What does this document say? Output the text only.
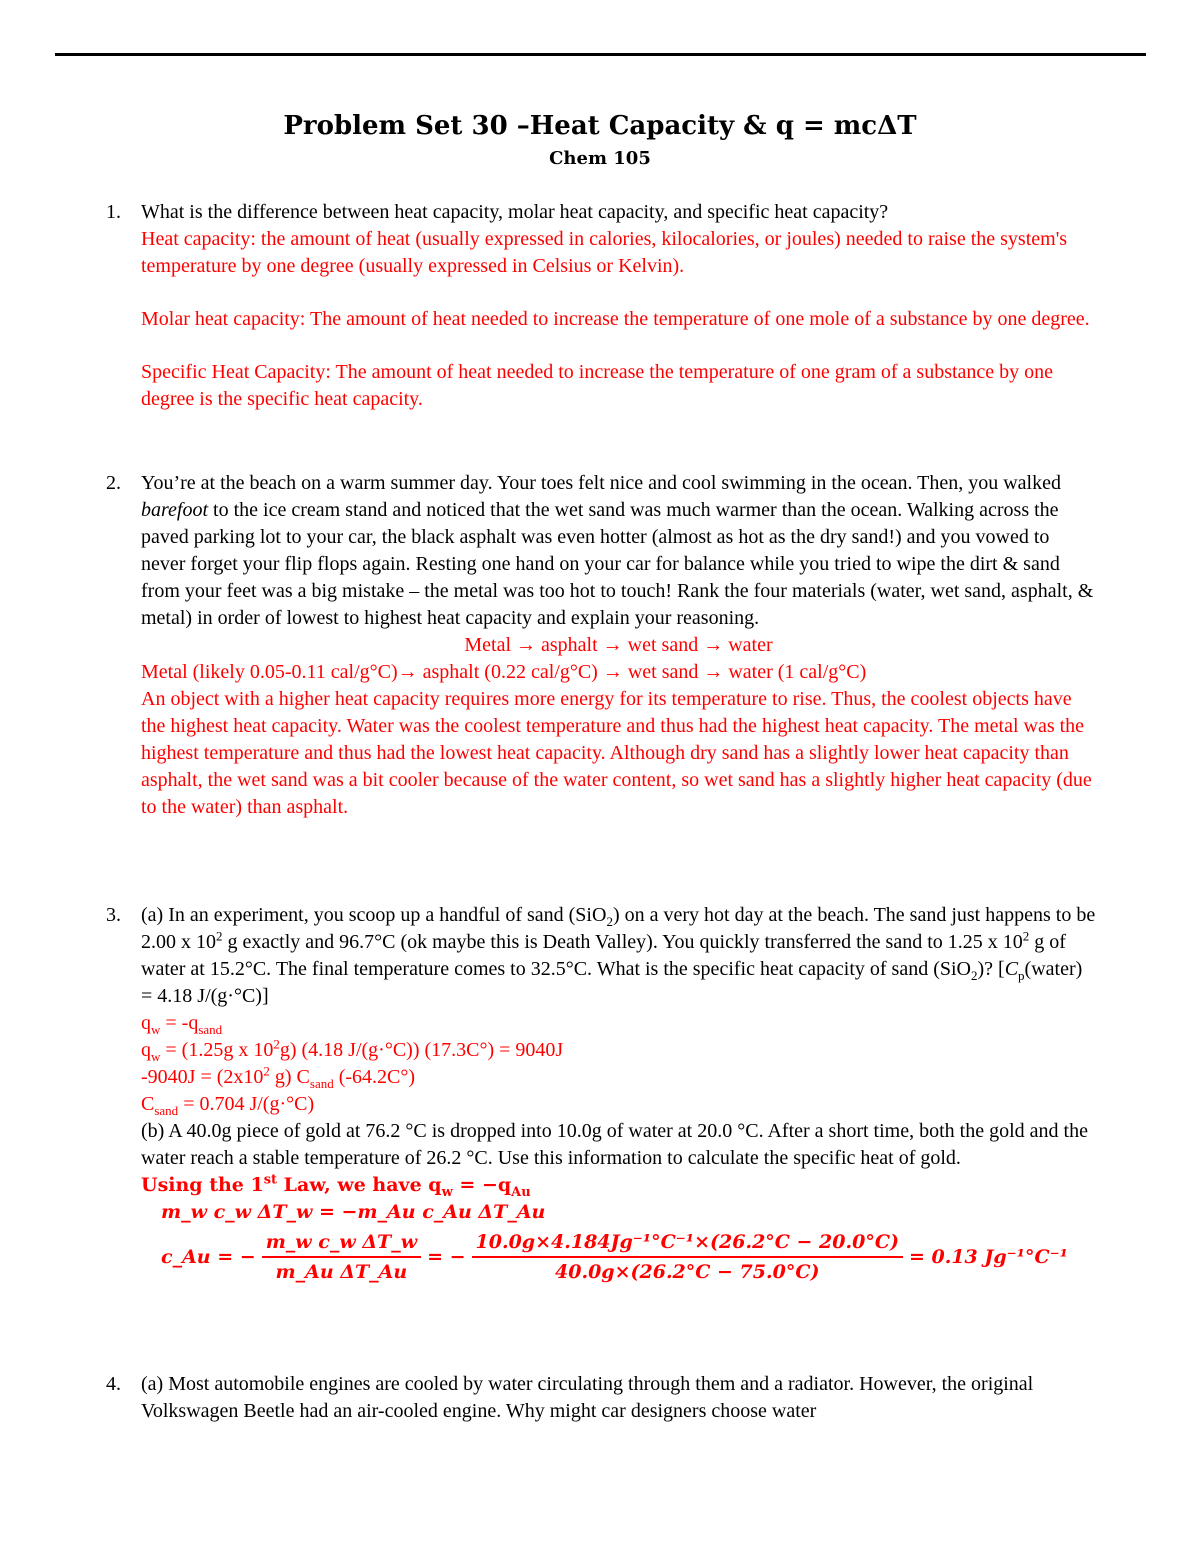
Problem Set 30 –Heat Capacity & q = mcΔT
Chem 105
1.	What is the difference between heat capacity, molar heat capacity, and specific heat capacity?
Heat capacity: the amount of heat (usually expressed in calories, kilocalories, or joules) needed to raise the system's temperature by one degree (usually expressed in Celsius or Kelvin).
Molar heat capacity: The amount of heat needed to increase the temperature of one mole of a substance by one degree.
Specific Heat Capacity: The amount of heat needed to increase the temperature of one gram of a substance by one degree is the specific heat capacity.
2.	You’re at the beach on a warm summer day. Your toes felt nice and cool swimming in the ocean. Then, you walked barefoot to the ice cream stand and noticed that the wet sand was much warmer than the ocean. Walking across the paved parking lot to your car, the black asphalt was even hotter (almost as hot as the dry sand!) and you vowed to never forget your flip flops again. Resting one hand on your car for balance while you tried to wipe the dirt & sand from your feet was a big mistake – the metal was too hot to touch! Rank the four materials (water, wet sand, asphalt, & metal) in order of lowest to highest heat capacity and explain your reasoning.
Metal → asphalt → wet sand → water
Metal (likely 0.05-0.11 cal/g°C)→ asphalt (0.22 cal/g°C) → wet sand → water (1 cal/g°C)
An object with a higher heat capacity requires more energy for its temperature to rise. Thus, the coolest objects have the highest heat capacity. Water was the coolest temperature and thus had the highest heat capacity. The metal was the highest temperature and thus had the lowest heat capacity. Although dry sand has a slightly lower heat capacity than asphalt, the wet sand was a bit cooler because of the water content, so wet sand has a slightly higher heat capacity (due to the water) than asphalt.
3.	(a) In an experiment, you scoop up a handful of sand (SiO$_2$) on a very hot day at the beach. The sand just happens to be 2.00 x $10^2$ g exactly and 96.7°C (ok maybe this is Death Valley). You quickly transferred the sand to 1.25 x $10^2$ g of water at 15.2°C. The final temperature comes to 32.5°C. What is the specific heat capacity of sand (SiO$_2$)? [$C_p(water) = 4.18$ J/(g·°C)]
$q_w = -q_{sand}$
$q_w = (1.25g$ x $10^2g$) (4.18 J/(g·°C)) (17.3C°) = 9040J
$-9040J = (2x10^2$ g) $C_{sand}$ (-64.2C°)
$C_{sand} = 0.704$ J/(g·°C)
(b) A 40.0g piece of gold at 76.2 °C is dropped into 10.0g of water at 20.0 °C. After a short time, both the gold and the water reach a stable temperature of 26.2 °C. Use this information to calculate the specific heat of gold.
Using the 1st Law, we have $q_w = -q_{Au}$
m_w c_w ΔT_w = −m_Au c_Au ΔT_Au
c_Au = − $\frac{\text{m\_w c\_w ΔT\_w}}{\text{m\_Au ΔT\_Au}}$ = − $\frac{\text{10.0g×4.184Jg⁻¹°C⁻¹×(26.2°C − 20.0°C)}}{40.0g\times(26.2^\circ C - 75.0^\circ C)} = 0.13$ Jg⁻¹°C⁻¹
4.	(a) Most automobile engines are cooled by water circulating through them and a radiator. However, the original Volkswagen Beetle had an air-cooled engine. Why might car designers choose water
